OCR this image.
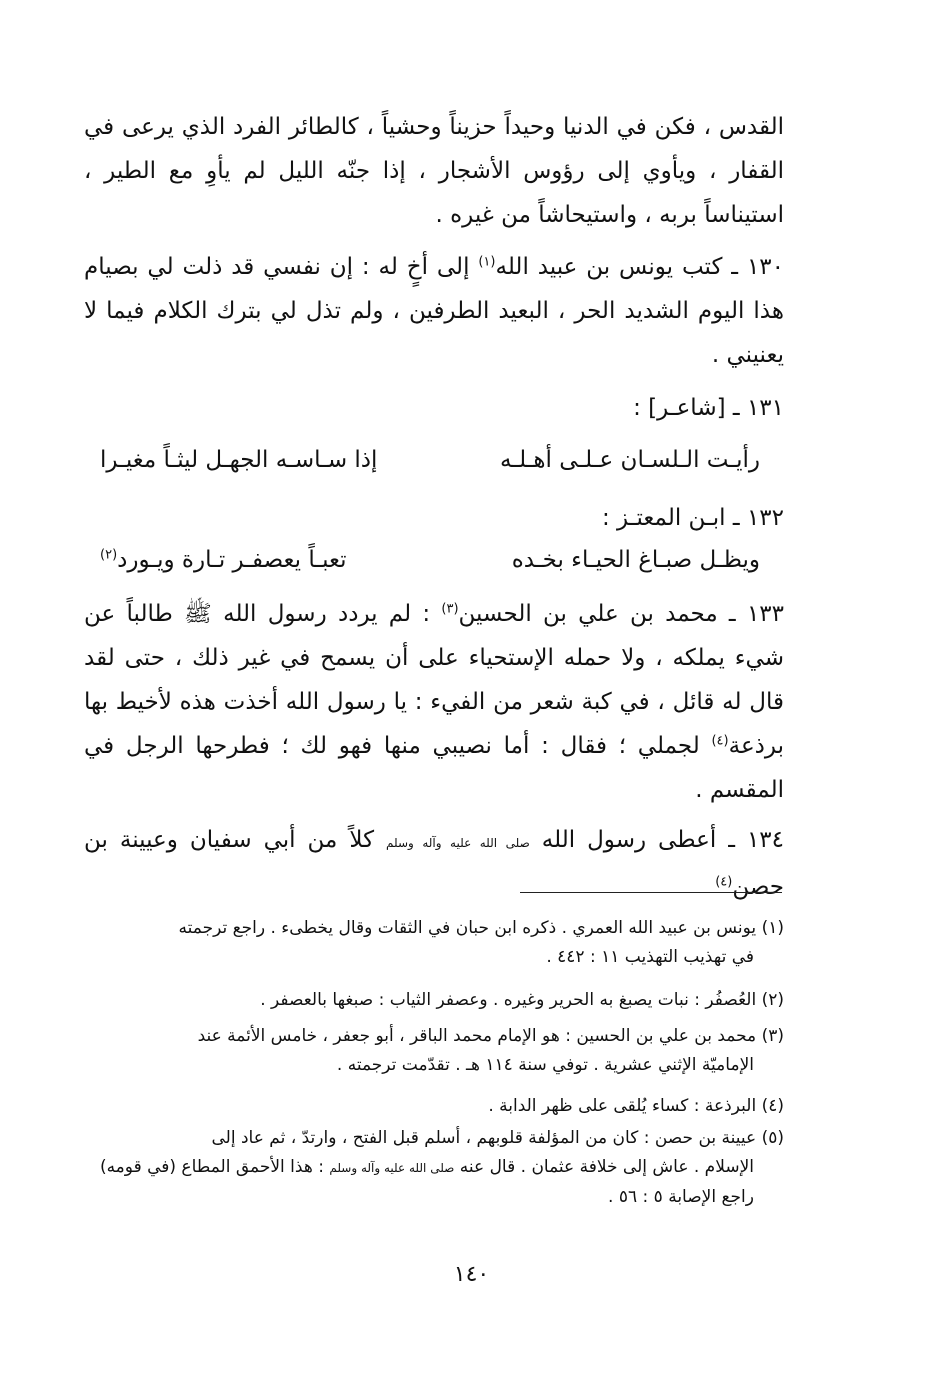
القدس ، فكن في الدنيا وحيداً حزيناً وحشياً ، كالطائر الفرد الذي يرعى في القفار ، ويأوي إلى رؤوس الأشجار ، إذا جنّه الليل لم يأوِ مع الطير ، استيناساً بربه ، واستيحاشاً من غيره .
١٣٠ ـ كتب يونس بن عبيد الله$^{(١)}$ إلى أخٍ له : إن نفسي قد ذلت لي بصيام هذا اليوم الشديد الحر ، البعيد الطرفين ، ولم تذل لي بترك الكلام فيما لا يعنيني .
١٣١ ـ [شاعـر] :
رأيـت الـلسـان عـلـى أهـلـه
إذا سـاسـه الجهـل ليثـاً مغيـرا
١٣٢ ـ ابـن المعتـز :
ويظـل صبـاغ الحيـاء بخـده
تعبـاً يعصفـر تـارة ويـورد$^{(٢)}$
١٣٣ ـ محمد بن علي بن الحسين$^{(٣)}$ : لم يردد رسول الله ﷺ طالباً عن شيء يملكه ، ولا حمله الإستحياء على أن يسمح في غير ذلك ، حتى لقد قال له قائل ، في كبة شعر من الفيء : يا رسول الله أخذت هذه لأخيط بها برذعة$^{(٤)}$ لجملي ؛ فقال : أما نصيبي منها فهو لك ؛ فطرحها الرجل في المقسم .
١٣٤ ـ أعطى رسول الله صلى الله عليه وآله وسلم كلاً من أبي سفيان وعيينة بن حصن$^{(٤)}$
(١) يونس بن عبيد الله العمري . ذكره ابن حبان في الثقات وقال يخطىء . راجع ترجمته
في تهذيب التهذيب ١١ : ٤٤٢ .
(٢) العُصفُر : نبات يصبغ به الحرير وغيره . وعصفر الثياب : صبغها بالعصفر .
(٣) محمد بن علي بن الحسين : هو الإمام محمد الباقر ، أبو جعفر ، خامس الأئمة عند
الإماميّة الإثني عشرية . توفي سنة ١١٤ هـ . تقدّمت ترجمته .
(٤) البرذعة : كساء يُلقى على ظهر الدابة .
(٥) عيينة بن حصن : كان من المؤلفة قلوبهم ، أسلم قبل الفتح ، وارتدّ ، ثم عاد إلى
الإسلام . عاش إلى خلافة عثمان . قال عنه صلى الله عليه وآله وسلم : هذا الأحمق المطاع (في قومه)
راجع الإصابة ٥ : ٥٦ .
١٤٠
